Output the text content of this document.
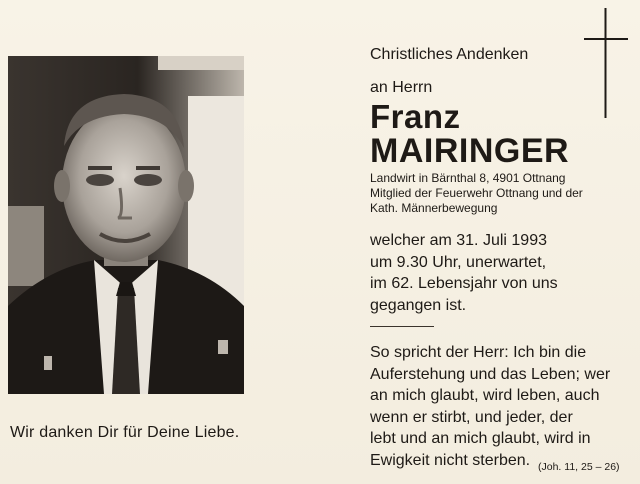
Wir danken Dir für Deine Liebe.
Christliches Andenken
an Herrn
Franz
MAIRINGER
Landwirt in Bärnthal 8, 4901 Ottnang
Mitglied der Feuerwehr Ottnang und der
Kath. Männerbewegung
welcher am 31. Juli 1993
um 9.30 Uhr, unerwartet,
im 62. Lebensjahr von uns
gegangen ist.
So spricht der Herr: Ich bin die
Auferstehung und das Leben; wer
an mich glaubt, wird leben, auch
wenn er stirbt, und jeder, der
lebt und an mich glaubt, wird in
Ewigkeit nicht sterben. (Joh. 11, 25 – 26)
